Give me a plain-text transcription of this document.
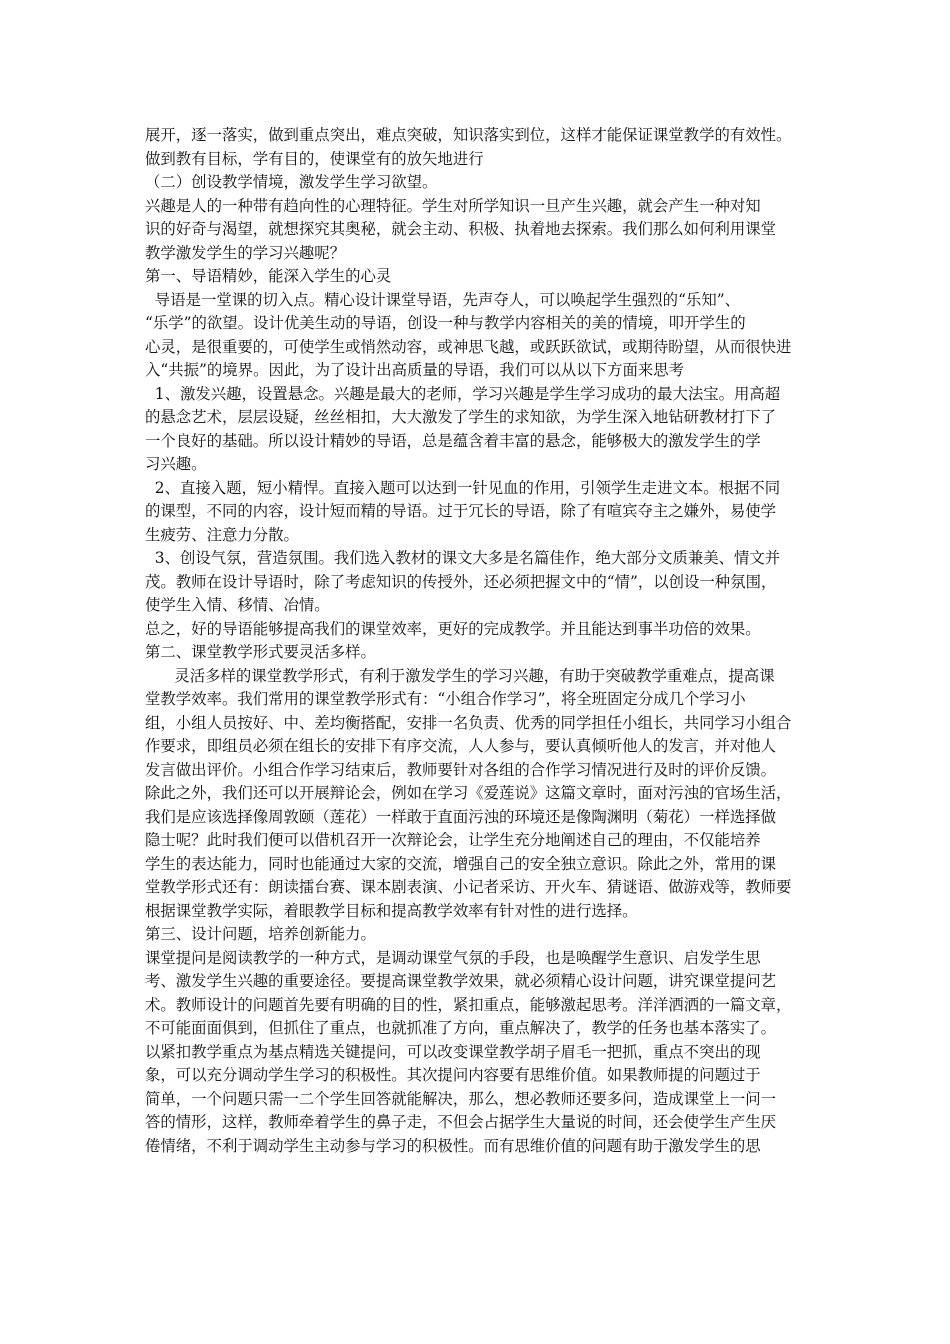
展开，逐一落实，做到重点突出，难点突破，知识落实到位，这样才能保证课堂教学的有效性。
做到教有目标，学有目的，使课堂有的放矢地进行
（二）创设教学情境，激发学生学习欲望。
兴趣是人的一种带有趋向性的心理特征。学生对所学知识一旦产生兴趣，就会产生一种对知
识的好奇与渴望，就想探究其奥秘，就会主动、积极、执着地去探索。我们那么如何利用课堂
教学激发学生的学习兴趣呢？
第一、导语精妙，能深入学生的心灵
导语是一堂课的切入点。精心设计课堂导语，先声夺人，可以唤起学生强烈的“乐知”、
“乐学”的欲望。设计优美生动的导语，创设一种与教学内容相关的美的情境，叩开学生的
心灵，是很重要的，可使学生或悄然动容，或神思飞越，或跃跃欲试，或期待盼望，从而很快进
入“共振”的境界。因此，为了设计出高质量的导语，我们可以从以下方面来思考
1、激发兴趣，设置悬念。兴趣是最大的老师，学习兴趣是学生学习成功的最大法宝。用高超
的悬念艺术，层层设疑，丝丝相扣，大大激发了学生的求知欲，为学生深入地钻研教材打下了
一个良好的基础。所以设计精妙的导语，总是蕴含着丰富的悬念，能够极大的激发学生的学
习兴趣。
2、直接入题，短小精悍。直接入题可以达到一针见血的作用，引领学生走进文本。根据不同
的课型，不同的内容，设计短而精的导语。过于冗长的导语，除了有喧宾夺主之嫌外，易使学
生疲劳、注意力分散。
3、创设气氛，营造氛围。我们选入教材的课文大多是名篇佳作，绝大部分文质兼美、情文并
茂。教师在设计导语时，除了考虑知识的传授外，还必须把握文中的“情”，以创设一种氛围，
使学生入情、移情、冶情。
总之，好的导语能够提高我们的课堂效率，更好的完成教学。并且能达到事半功倍的效果。
第二、课堂教学形式要灵活多样。
灵活多样的课堂教学形式，有利于激发学生的学习兴趣，有助于突破教学重难点，提高课
堂教学效率。我们常用的课堂教学形式有：“小组合作学习”，将全班固定分成几个学习小
组，小组人员按好、中、差均衡搭配，安排一名负责、优秀的同学担任小组长，共同学习小组合
作要求，即组员必须在组长的安排下有序交流，人人参与，要认真倾听他人的发言，并对他人
发言做出评价。小组合作学习结束后，教师要针对各组的合作学习情况进行及时的评价反馈。
除此之外，我们还可以开展辩论会，例如在学习《爱莲说》这篇文章时，面对污浊的官场生活，
我们是应该选择像周敦颐（莲花）一样敢于直面污浊的环境还是像陶渊明（菊花）一样选择做
隐士呢？此时我们便可以借机召开一次辩论会，让学生充分地阐述自己的理由，不仅能培养
学生的表达能力，同时也能通过大家的交流，增强自己的安全独立意识。除此之外，常用的课
堂教学形式还有：朗读擂台赛、课本剧表演、小记者采访、开火车、猜谜语、做游戏等，教师要
根据课堂教学实际，着眼教学目标和提高教学效率有针对性的进行选择。
第三、设计问题，培养创新能力。
课堂提问是阅读教学的一种方式，是调动课堂气氛的手段，也是唤醒学生意识、启发学生思
考、激发学生兴趣的重要途径。要提高课堂教学效果，就必须精心设计问题，讲究课堂提问艺
术。教师设计的问题首先要有明确的目的性，紧扣重点，能够激起思考。洋洋洒洒的一篇文章，
不可能面面俱到，但抓住了重点，也就抓准了方向，重点解决了，教学的任务也基本落实了。
以紧扣教学重点为基点精选关键提问，可以改变课堂教学胡子眉毛一把抓，重点不突出的现
象，可以充分调动学生学习的积极性。其次提问内容要有思维价值。如果教师提的问题过于
简单，一个问题只需一二个学生回答就能解决，那么，想必教师还要多问，造成课堂上一问一
答的情形，这样，教师牵着学生的鼻子走，不但会占据学生大量说的时间，还会使学生产生厌
倦情绪，不利于调动学生主动参与学习的积极性。而有思维价值的问题有助于激发学生的思
